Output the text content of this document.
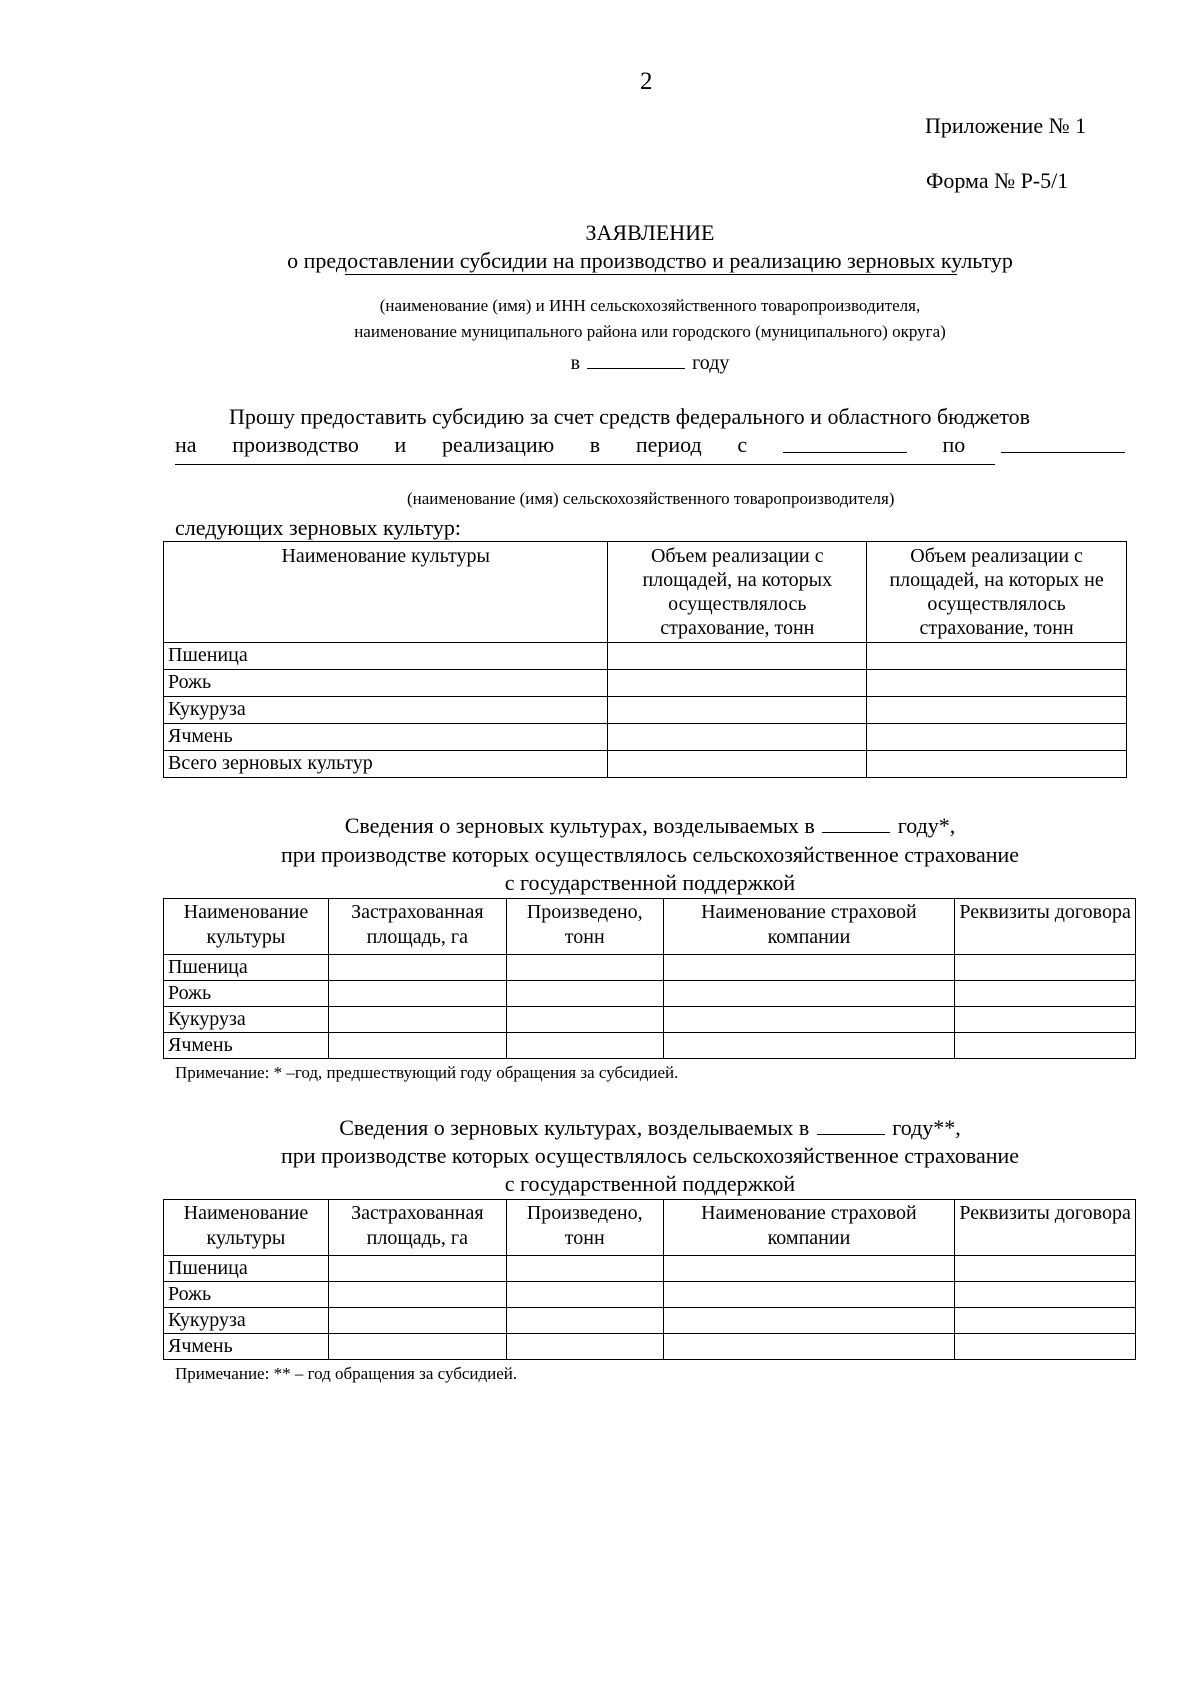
2
Приложение № 1
Форма № Р-5/1
ЗАЯВЛЕНИЕ
о предоставлении субсидии на производство и реализацию зерновых культур
(наименование (имя) и ИНН сельскохозяйственного товаропроизводителя,
наименование муниципального района или городского (муниципального) округа)
в	году
Прошу предоставить субсидию за счет средств федерального и областного бюджетов
на производство и реализацию в период с	по
(наименование (имя) сельскохозяйственного товаропроизводителя)
следующих зерновых культур:
Наименование культуры	Объем реализации с площадей, на которых осуществлялось страхование, тонн	Объем реализации с площадей, на которых не осуществлялось страхование, тонн
Пшеница		
Рожь		
Кукуруза		
Ячмень		
Всего зерновых культур		
Сведения о зерновых культурах, возделываемых в	году*,
при производстве которых осуществлялось сельскохозяйственное страхование
с государственной поддержкой
Наименование культуры	Застрахованная площадь, га	Произведено, тонн	Наименование страховой компании	Реквизиты договора
Пшеница				
Рожь				
Кукуруза				
Ячмень				
Примечание: * –год, предшествующий году обращения за субсидией.
Сведения о зерновых культурах, возделываемых в	году**,
при производстве которых осуществлялось сельскохозяйственное страхование
с государственной поддержкой
Наименование культуры	Застрахованная площадь, га	Произведено, тонн	Наименование страховой компании	Реквизиты договора
Пшеница				
Рожь				
Кукуруза				
Ячмень				
Примечание: ** – год обращения за субсидией.
